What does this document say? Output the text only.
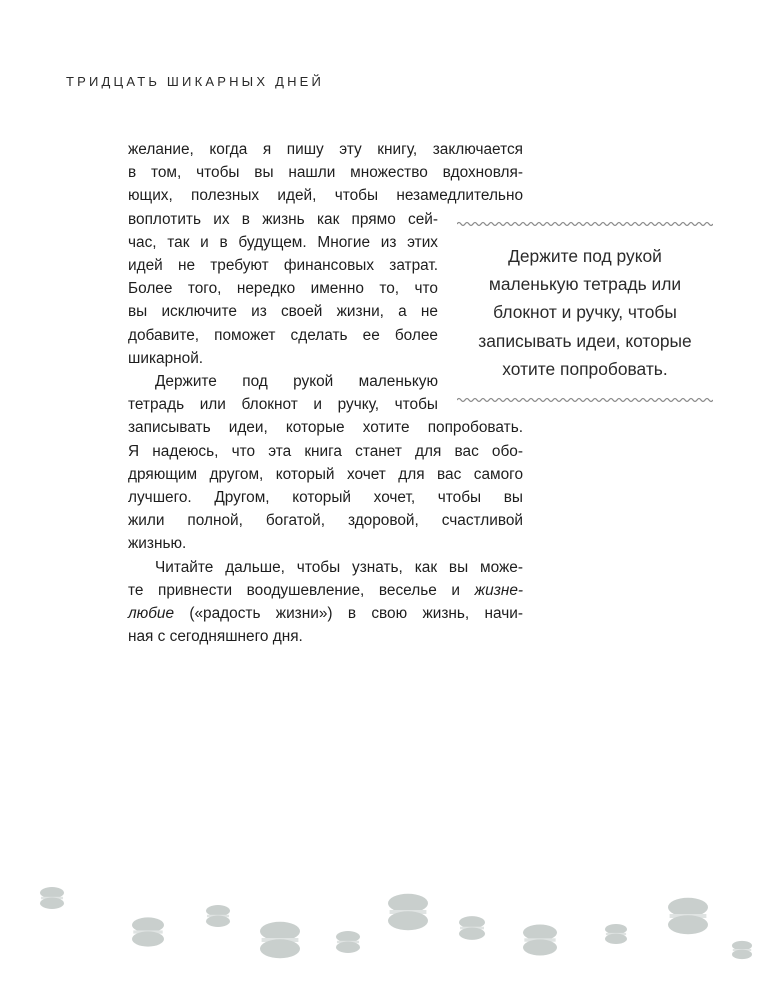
ТРИДЦАТЬ ШИКАРНЫХ ДНЕЙ
желание, когда я пишу эту книгу, заключается
в том, чтобы вы нашли множество вдохновля-
ющих, полезных идей, чтобы незамедлительно
воплотить их в жизнь как прямо сей-
час, так и в будущем. Многие из этих
идей не требуют финансовых затрат.
Более того, нередко именно то, что
вы исключите из своей жизни, а не
добавите, поможет сделать ее более
шикарной.
Держите под рукой маленькую
тетрадь или блокнот и ручку, чтобы
записывать идеи, которые хотите попробовать.
Я надеюсь, что эта книга станет для вас обо-
дряющим другом, который хочет для вас самого
лучшего. Другом, который хочет, чтобы вы
жили полной, богатой, здоровой, счастливой
жизнью.
Читайте дальше, чтобы узнать, как вы може-
те привнести воодушевление, веселье и жизне-
любие («радость жизни») в свою жизнь, начи-
ная с сегодняшнего дня.
Держите под рукой
маленькую тетрадь или
блокнот и ручку, чтобы
записывать идеи, которые
хотите попробовать.
